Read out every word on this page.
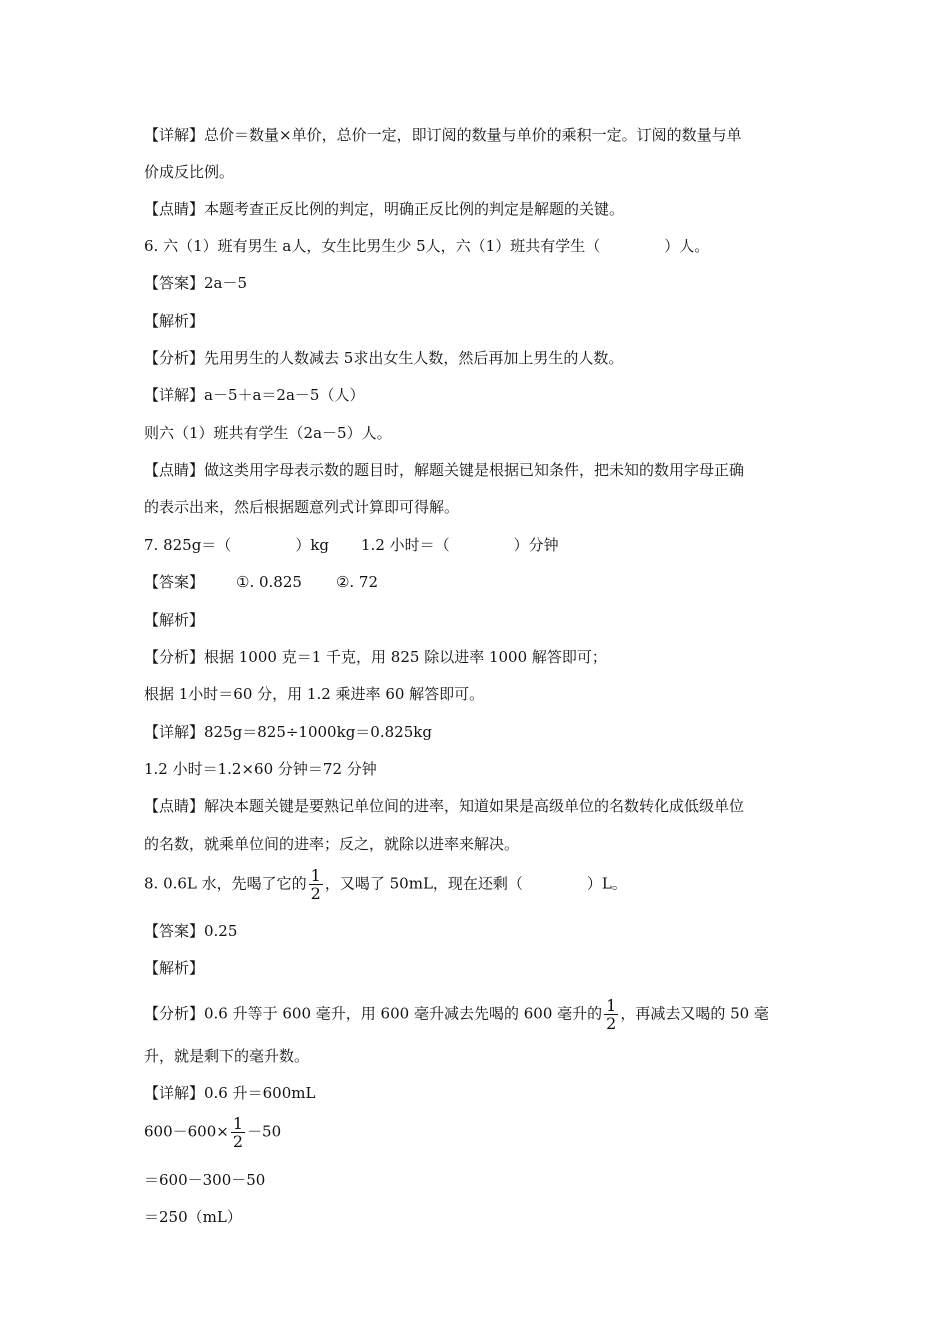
【详解】总价＝数量×单价，总价一定，即订阅的数量与单价的乘积一定。订阅的数量与单
价成反比例。
【点睛】本题考查正反比例的判定，明确正反比例的判定是解题的关键。
6. 六（1）班有男生 a人，女生比男生少 5人，六（1）班共有学生（	）人。
【答案】2a－5
【解析】
【分析】先用男生的人数减去 5求出女生人数，然后再加上男生的人数。
【详解】a－5＋a＝2a－5（人）
则六（1）班共有学生（2a－5）人。
【点睛】做这类用字母表示数的题目时，解题关键是根据已知条件，把未知的数用字母正确
的表示出来，然后根据题意列式计算即可得解。
7. 825g＝（	）kg 1.2 小时＝（	）分钟
【答案】 ①. 0.825 ②. 72
【解析】
【分析】根据 1000 克＝1 千克，用 825 除以进率 1000 解答即可；
根据 1小时＝60 分，用 1.2 乘进率 60 解答即可。
【详解】825g＝825÷1000kg＝0.825kg
1.2 小时＝1.2×60 分钟＝72 分钟
【点睛】解决本题关键是要熟记单位间的进率，知道如果是高级单位的名数转化成低级单位
的名数，就乘单位间的进率；反之，就除以进率来解决。
8. 0.6L 水，先喝了它的 $\frac{1}{2}$ ，又喝了 50mL，现在还剩（	）L。
【答案】0.25
【解析】
【分析】0.6 升等于 600 毫升，用 600 毫升减去先喝的 600 毫升的 $\frac{1}{2}$ ，再减去又喝的 50 毫
升，就是剩下的毫升数。
【详解】0.6 升＝600mL
$600-600\times \frac{1}{2} -50$
＝600－300－50
＝250（mL）
